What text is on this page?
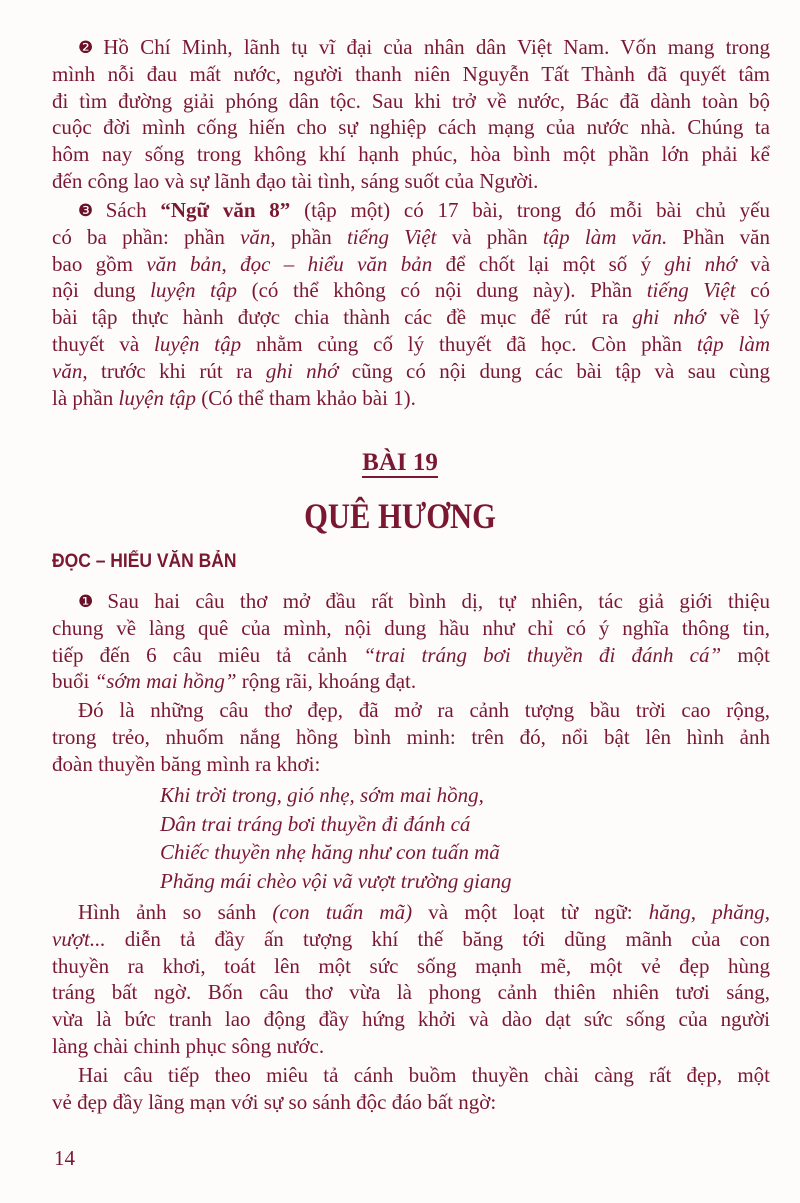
❷ Hồ Chí Minh, lãnh tụ vĩ đại của nhân dân Việt Nam. Vốn mang trong
mình nỗi đau mất nước, người thanh niên Nguyễn Tất Thành đã quyết tâm
đi tìm đường giải phóng dân tộc. Sau khi trở về nước, Bác đã dành toàn bộ
cuộc đời mình cống hiến cho sự nghiệp cách mạng của nước nhà. Chúng ta
hôm nay sống trong không khí hạnh phúc, hòa bình một phần lớn phải kể
đến công lao và sự lãnh đạo tài tình, sáng suốt của Người.
❸ Sách “Ngữ văn 8” (tập một) có 17 bài, trong đó mỗi bài chủ yếu
có ba phần: phần văn, phần tiếng Việt và phần tập làm văn. Phần văn
bao gồm văn bản, đọc – hiểu văn bản để chốt lại một số ý ghi nhớ và
nội dung luyện tập (có thể không có nội dung này). Phần tiếng Việt có
bài tập thực hành được chia thành các đề mục để rút ra ghi nhớ về lý
thuyết và luyện tập nhằm củng cố lý thuyết đã học. Còn phần tập làm
văn, trước khi rút ra ghi nhớ cũng có nội dung các bài tập và sau cùng
là phần luyện tập (Có thể tham khảo bài 1).
BÀI 19
QUÊ HƯƠNG
ĐỌC – HIỂU VĂN BẢN
❶ Sau hai câu thơ mở đầu rất bình dị, tự nhiên, tác giả giới thiệu
chung về làng quê của mình, nội dung hầu như chỉ có ý nghĩa thông tin,
tiếp đến 6 câu miêu tả cảnh “trai tráng bơi thuyền đi đánh cá” một
buổi “sớm mai hồng” rộng rãi, khoáng đạt.
Đó là những câu thơ đẹp, đã mở ra cảnh tượng bầu trời cao rộng,
trong trẻo, nhuốm nắng hồng bình minh: trên đó, nổi bật lên hình ảnh
đoàn thuyền băng mình ra khơi:
Khi trời trong, gió nhẹ, sớm mai hồng,
Dân trai tráng bơi thuyền đi đánh cá
Chiếc thuyền nhẹ hăng như con tuấn mã
Phăng mái chèo vội vã vượt trường giang
Hình ảnh so sánh (con tuấn mã) và một loạt từ ngữ: hăng, phăng,
vượt... diễn tả đầy ấn tượng khí thế băng tới dũng mãnh của con
thuyền ra khơi, toát lên một sức sống mạnh mẽ, một vẻ đẹp hùng
tráng bất ngờ. Bốn câu thơ vừa là phong cảnh thiên nhiên tươi sáng,
vừa là bức tranh lao động đầy hứng khởi và dào dạt sức sống của người
làng chài chinh phục sông nước.
Hai câu tiếp theo miêu tả cánh buồm thuyền chài càng rất đẹp, một
vẻ đẹp đầy lãng mạn với sự so sánh độc đáo bất ngờ:
14
